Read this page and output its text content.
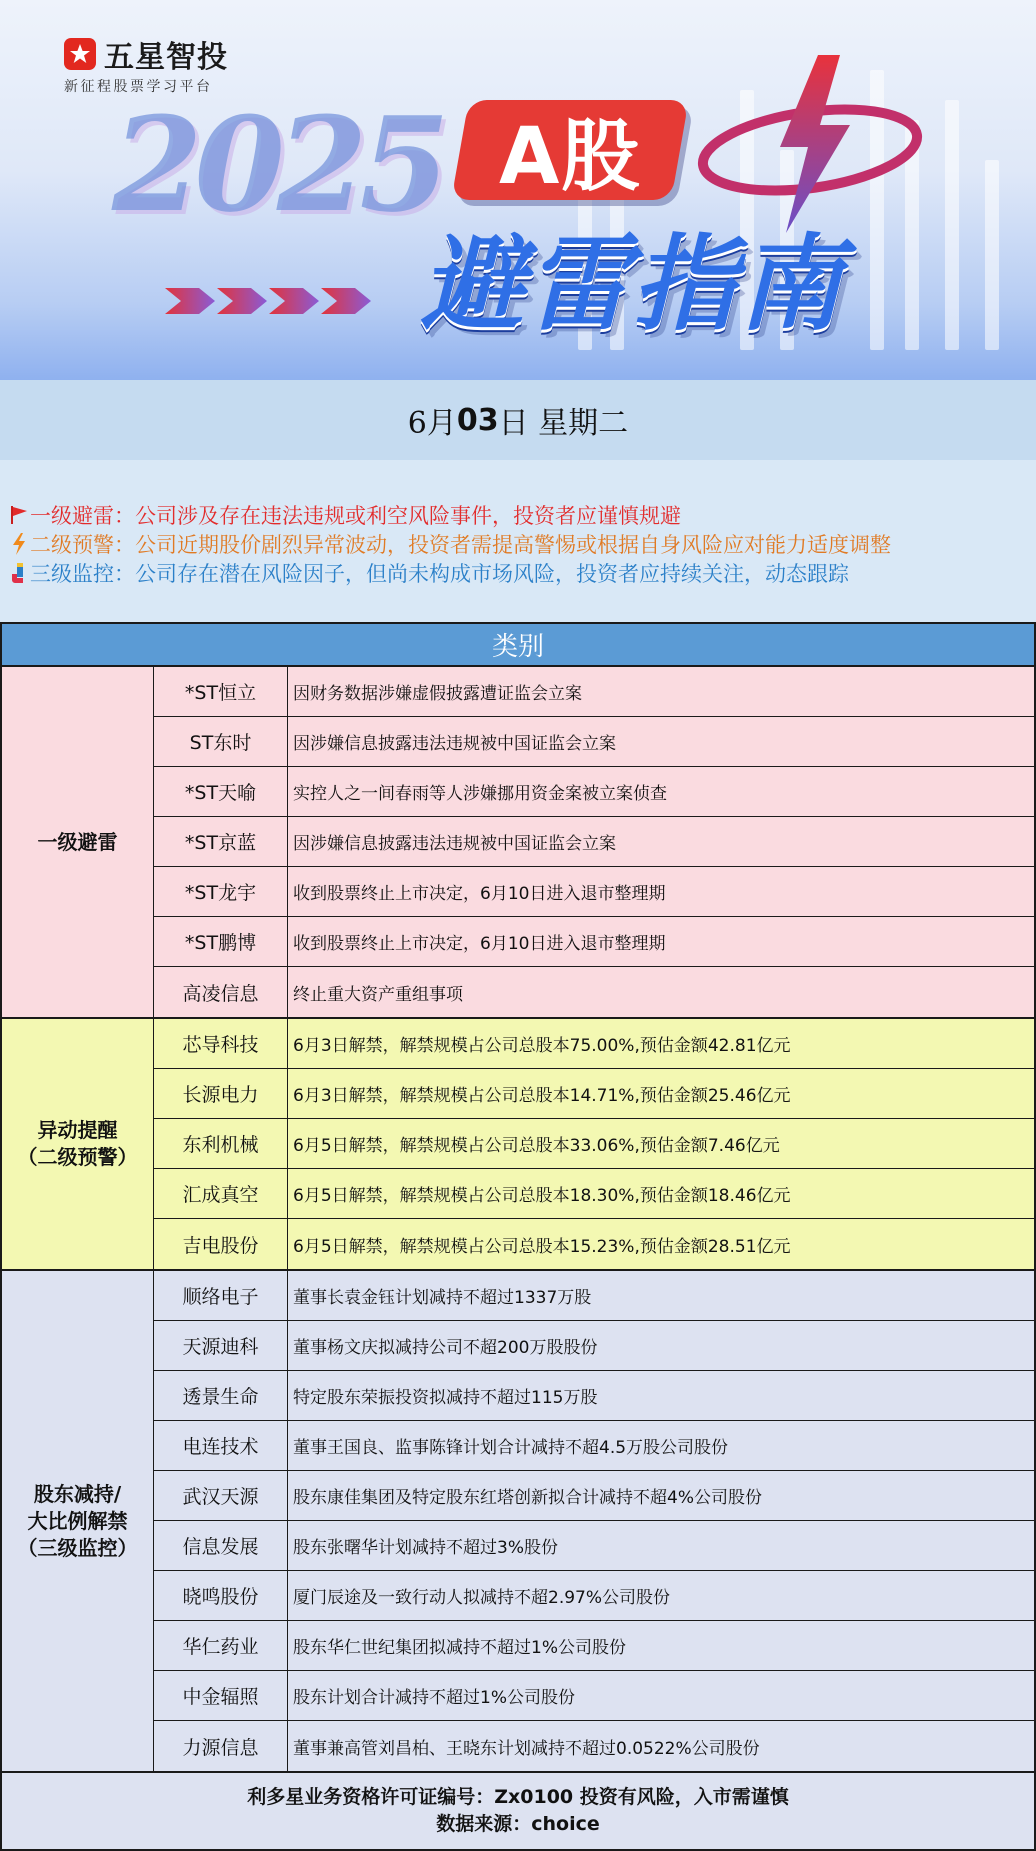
五星智投
新征程股票学习平台
2025 A股
避雷指南
6月 03 日 星期二
一级避雷： 公司涉及存在违法违规或利空风险事件，投资者应谨慎规避
二级预警： 公司近期股价剧烈异常波动，投资者需提高警惕或根据自身风险应对能力适度调整
三级监控： 公司存在潜在风险因子，但尚未构成市场风险，投资者应持续关注，动态跟踪
类别
一级避雷
*ST恒立	因财务数据涉嫌虚假披露遭证监会立案
ST东时	因涉嫌信息披露违法违规被中国证监会立案
*ST天喻	实控人之一间春雨等人涉嫌挪用资金案被立案侦查
*ST京蓝	因涉嫌信息披露违法违规被中国证监会立案
*ST龙宇	收到股票终止上市决定，6月10日进入退市整理期
*ST鹏博	收到股票终止上市决定，6月10日进入退市整理期
高凌信息	终止重大资产重组事项
异动提醒
（二级预警）
芯导科技	6月3日解禁，解禁规模占公司总股本75.00%,预估金额42.81亿元
长源电力	6月3日解禁，解禁规模占公司总股本14.71%,预估金额25.46亿元
东利机械	6月5日解禁，解禁规模占公司总股本33.06%,预估金额7.46亿元
汇成真空	6月5日解禁，解禁规模占公司总股本18.30%,预估金额18.46亿元
吉电股份	6月5日解禁，解禁规模占公司总股本15.23%,预估金额28.51亿元
股东减持/
大比例解禁
（三级监控）
顺络电子	董事长袁金钰计划减持不超过1337万股
天源迪科	董事杨文庆拟减持公司不超200万股股份
透景生命	特定股东荣振投资拟减持不超过115万股
电连技术	董事王国良、监事陈锋计划合计减持不超4.5万股公司股份
武汉天源	股东康佳集团及特定股东红塔创新拟合计减持不超4%公司股份
信息发展	股东张曙华计划减持不超过3%股份
晓鸣股份	厦门辰途及一致行动人拟减持不超2.97%公司股份
华仁药业	股东华仁世纪集团拟减持不超过1%公司股份
中金辐照	股东计划合计减持不超过1%公司股份
力源信息	董事兼高管刘昌柏、王晓东计划减持不超过0.0522%公司股份
利多星业务资格许可证编号：Zx0100 投资有风险，入市需谨慎
数据来源：choice
